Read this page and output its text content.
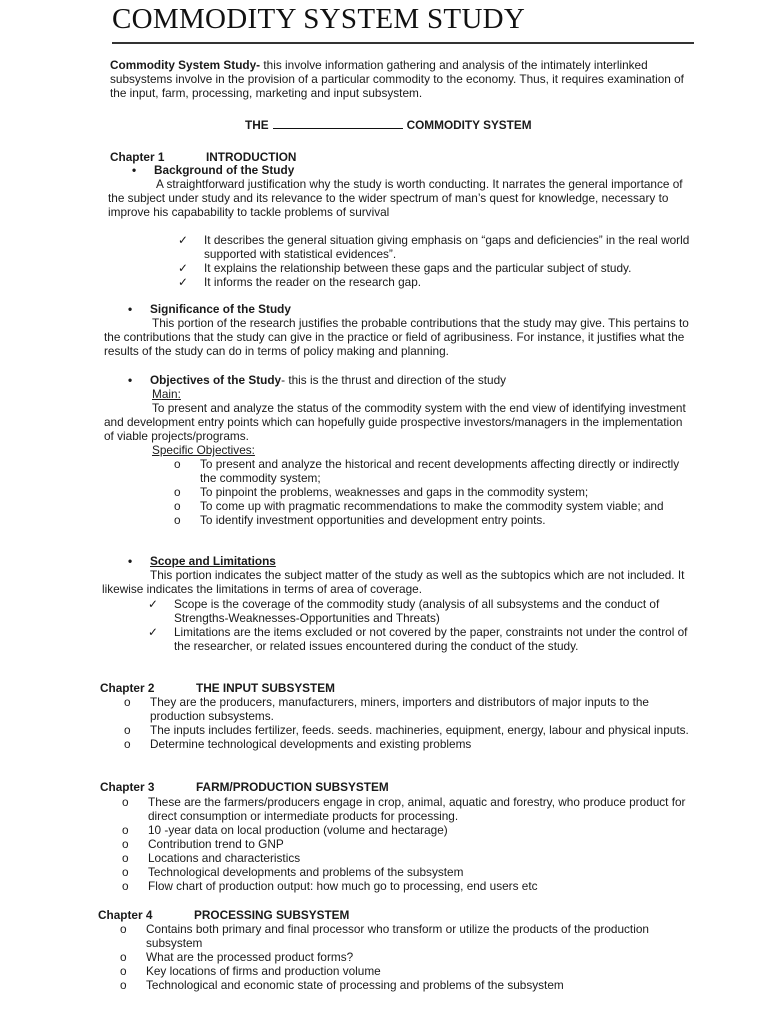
COMMODITY SYSTEM STUDY
Commodity System Study- this involve information gathering and analysis of the intimately interlinked subsystems involve in the provision of a particular commodity to the economy. Thus, it requires examination of the input, farm, processing, marketing and input subsystem.
THE	COMMODITY SYSTEM
Chapter 1	INTRODUCTION
• Background of the Study
A straightforward justification why the study is worth conducting. It narrates the general importance of the subject under study and its relevance to the wider spectrum of man’s quest for knowledge, necessary to improve his capabability to tackle problems of survival
✓	It describes the general situation giving emphasis on “gaps and deficiencies” in the real world supported with statistical evidences”.
✓	It explains the relationship between these gaps and the particular subject of study.
✓	It informs the reader on the research gap.
• Significance of the Study
This portion of the research justifies the probable contributions that the study may give. This pertains to the contributions that the study can give in the practice or field of agribusiness. For instance, it justifies what the results of the study can do in terms of policy making and planning.
• Objectives of the Study- this is the thrust and direction of the study
Main:
To present and analyze the status of the commodity system with the end view of identifying investment and development entry points which can hopefully guide prospective investors/managers in the implementation of viable projects/programs.
Specific Objectives:
o	To present and analyze the historical and recent developments affecting directly or indirectly the commodity system;
o	To pinpoint the problems, weaknesses and gaps in the commodity system;
o	To come up with pragmatic recommendations to make the commodity system viable; and
o	To identify investment opportunities and development entry points.
• Scope and Limitations
This portion indicates the subject matter of the study as well as the subtopics which are not included. It likewise indicates the limitations in terms of area of coverage.
✓	Scope is the coverage of the commodity study (analysis of all subsystems and the conduct of Strengths-Weaknesses-Opportunities and Threats)
✓	Limitations are the items excluded or not covered by the paper, constraints not under the control of the researcher, or related issues encountered during the conduct of the study.
Chapter 2	THE INPUT SUBSYSTEM
o	They are the producers, manufacturers, miners, importers and distributors of major inputs to the production subsystems.
o	The inputs includes fertilizer, feeds. seeds. machineries, equipment, energy, labour and physical inputs.
o	Determine technological developments and existing problems
Chapter 3	FARM/PRODUCTION SUBSYSTEM
o	These are the farmers/producers engage in crop, animal, aquatic and forestry, who produce product for direct consumption or intermediate products for processing.
o	10 -year data on local production (volume and hectarage)
o	Contribution trend to GNP
o	Locations and characteristics
o	Technological developments and problems of the subsystem
o	Flow chart of production output: how much go to processing, end users etc
Chapter 4	PROCESSING SUBSYSTEM
o	Contains both primary and final processor who transform or utilize the products of the production subsystem
o	What are the processed product forms?
o	Key locations of firms and production volume
o	Technological and economic state of processing and problems of the subsystem
